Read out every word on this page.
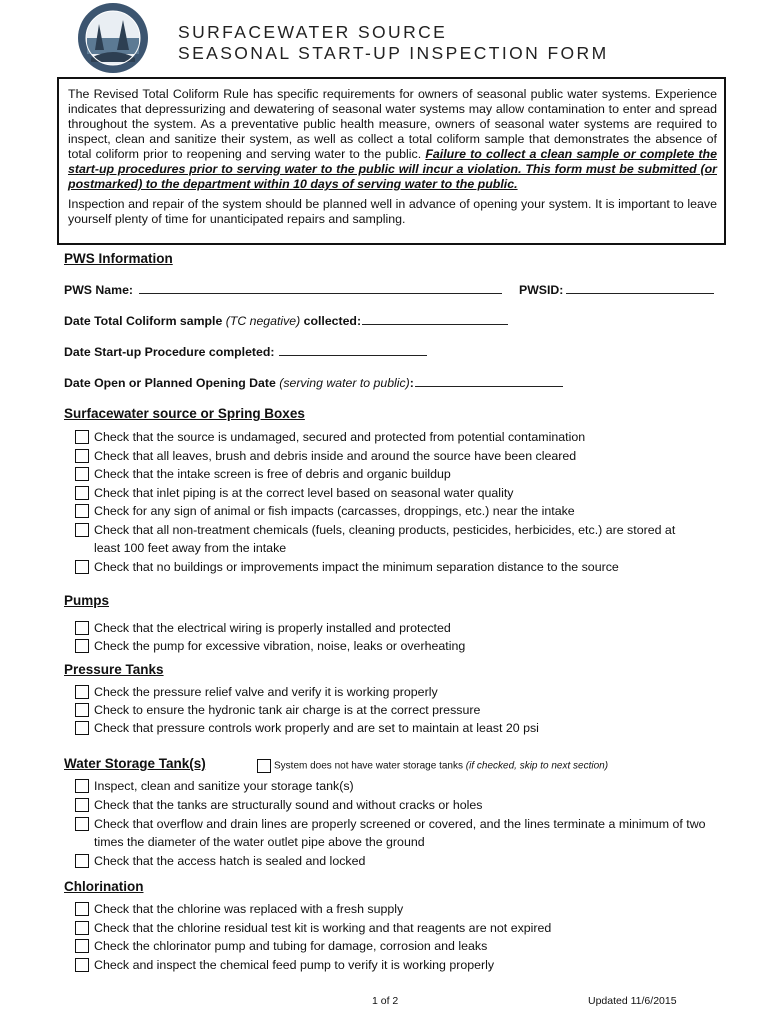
SURFACEWATER SOURCE
SEASONAL START-UP INSPECTION FORM

The Revised Total Coliform Rule has specific requirements for owners of seasonal public water systems. Experience indicates that depressurizing and dewatering of seasonal water systems may allow contamination to enter and spread throughout the system. As a preventative public health measure, owners of seasonal water systems are required to inspect, clean and sanitize their system, as well as collect a total coliform sample that demonstrates the absence of total coliform prior to reopening and serving water to the public. Failure to collect a clean sample or complete the start-up procedures prior to serving water to the public will incur a violation. This form must be submitted (or postmarked) to the department within 10 days of serving water to the public.

Inspection and repair of the system should be planned well in advance of opening your system. It is important to leave yourself plenty of time for unanticipated repairs and sampling.

PWS Information
PWS Name:	PWSID:
Date Total Coliform sample (TC negative) collected:
Date Start-up Procedure completed:
Date Open or Planned Opening Date (serving water to public):
Surfacewater source or Spring Boxes
Check that the source is undamaged, secured and protected from potential contamination
Check that all leaves, brush and debris inside and around the source have been cleared
Check that the intake screen is free of debris and organic buildup
Check that inlet piping is at the correct level based on seasonal water quality
Check for any sign of animal or fish impacts (carcasses, droppings, etc.) near the intake
Check that all non-treatment chemicals (fuels, cleaning products, pesticides, herbicides, etc.) are stored at least 100 feet away from the intake
Check that no buildings or improvements impact the minimum separation distance to the source
Pumps
Check that the electrical wiring is properly installed and protected
Check the pump for excessive vibration, noise, leaks or overheating
Pressure Tanks
Check the pressure relief valve and verify it is working properly
Check to ensure the hydronic tank air charge is at the correct pressure
Check that pressure controls work properly and are set to maintain at least 20 psi
Water Storage Tank(s)	System does not have water storage tanks (if checked, skip to next section)
Inspect, clean and sanitize your storage tank(s)
Check that the tanks are structurally sound and without cracks or holes
Check that overflow and drain lines are properly screened or covered, and the lines terminate a minimum of two times the diameter of the water outlet pipe above the ground
Check that the access hatch is sealed and locked
Chlorination
Check that the chlorine was replaced with a fresh supply
Check that the chlorine residual test kit is working and that reagents are not expired
Check the chlorinator pump and tubing for damage, corrosion and leaks
Check and inspect the chemical feed pump to verify it is working properly
1 of 2	Updated 11/6/2015
